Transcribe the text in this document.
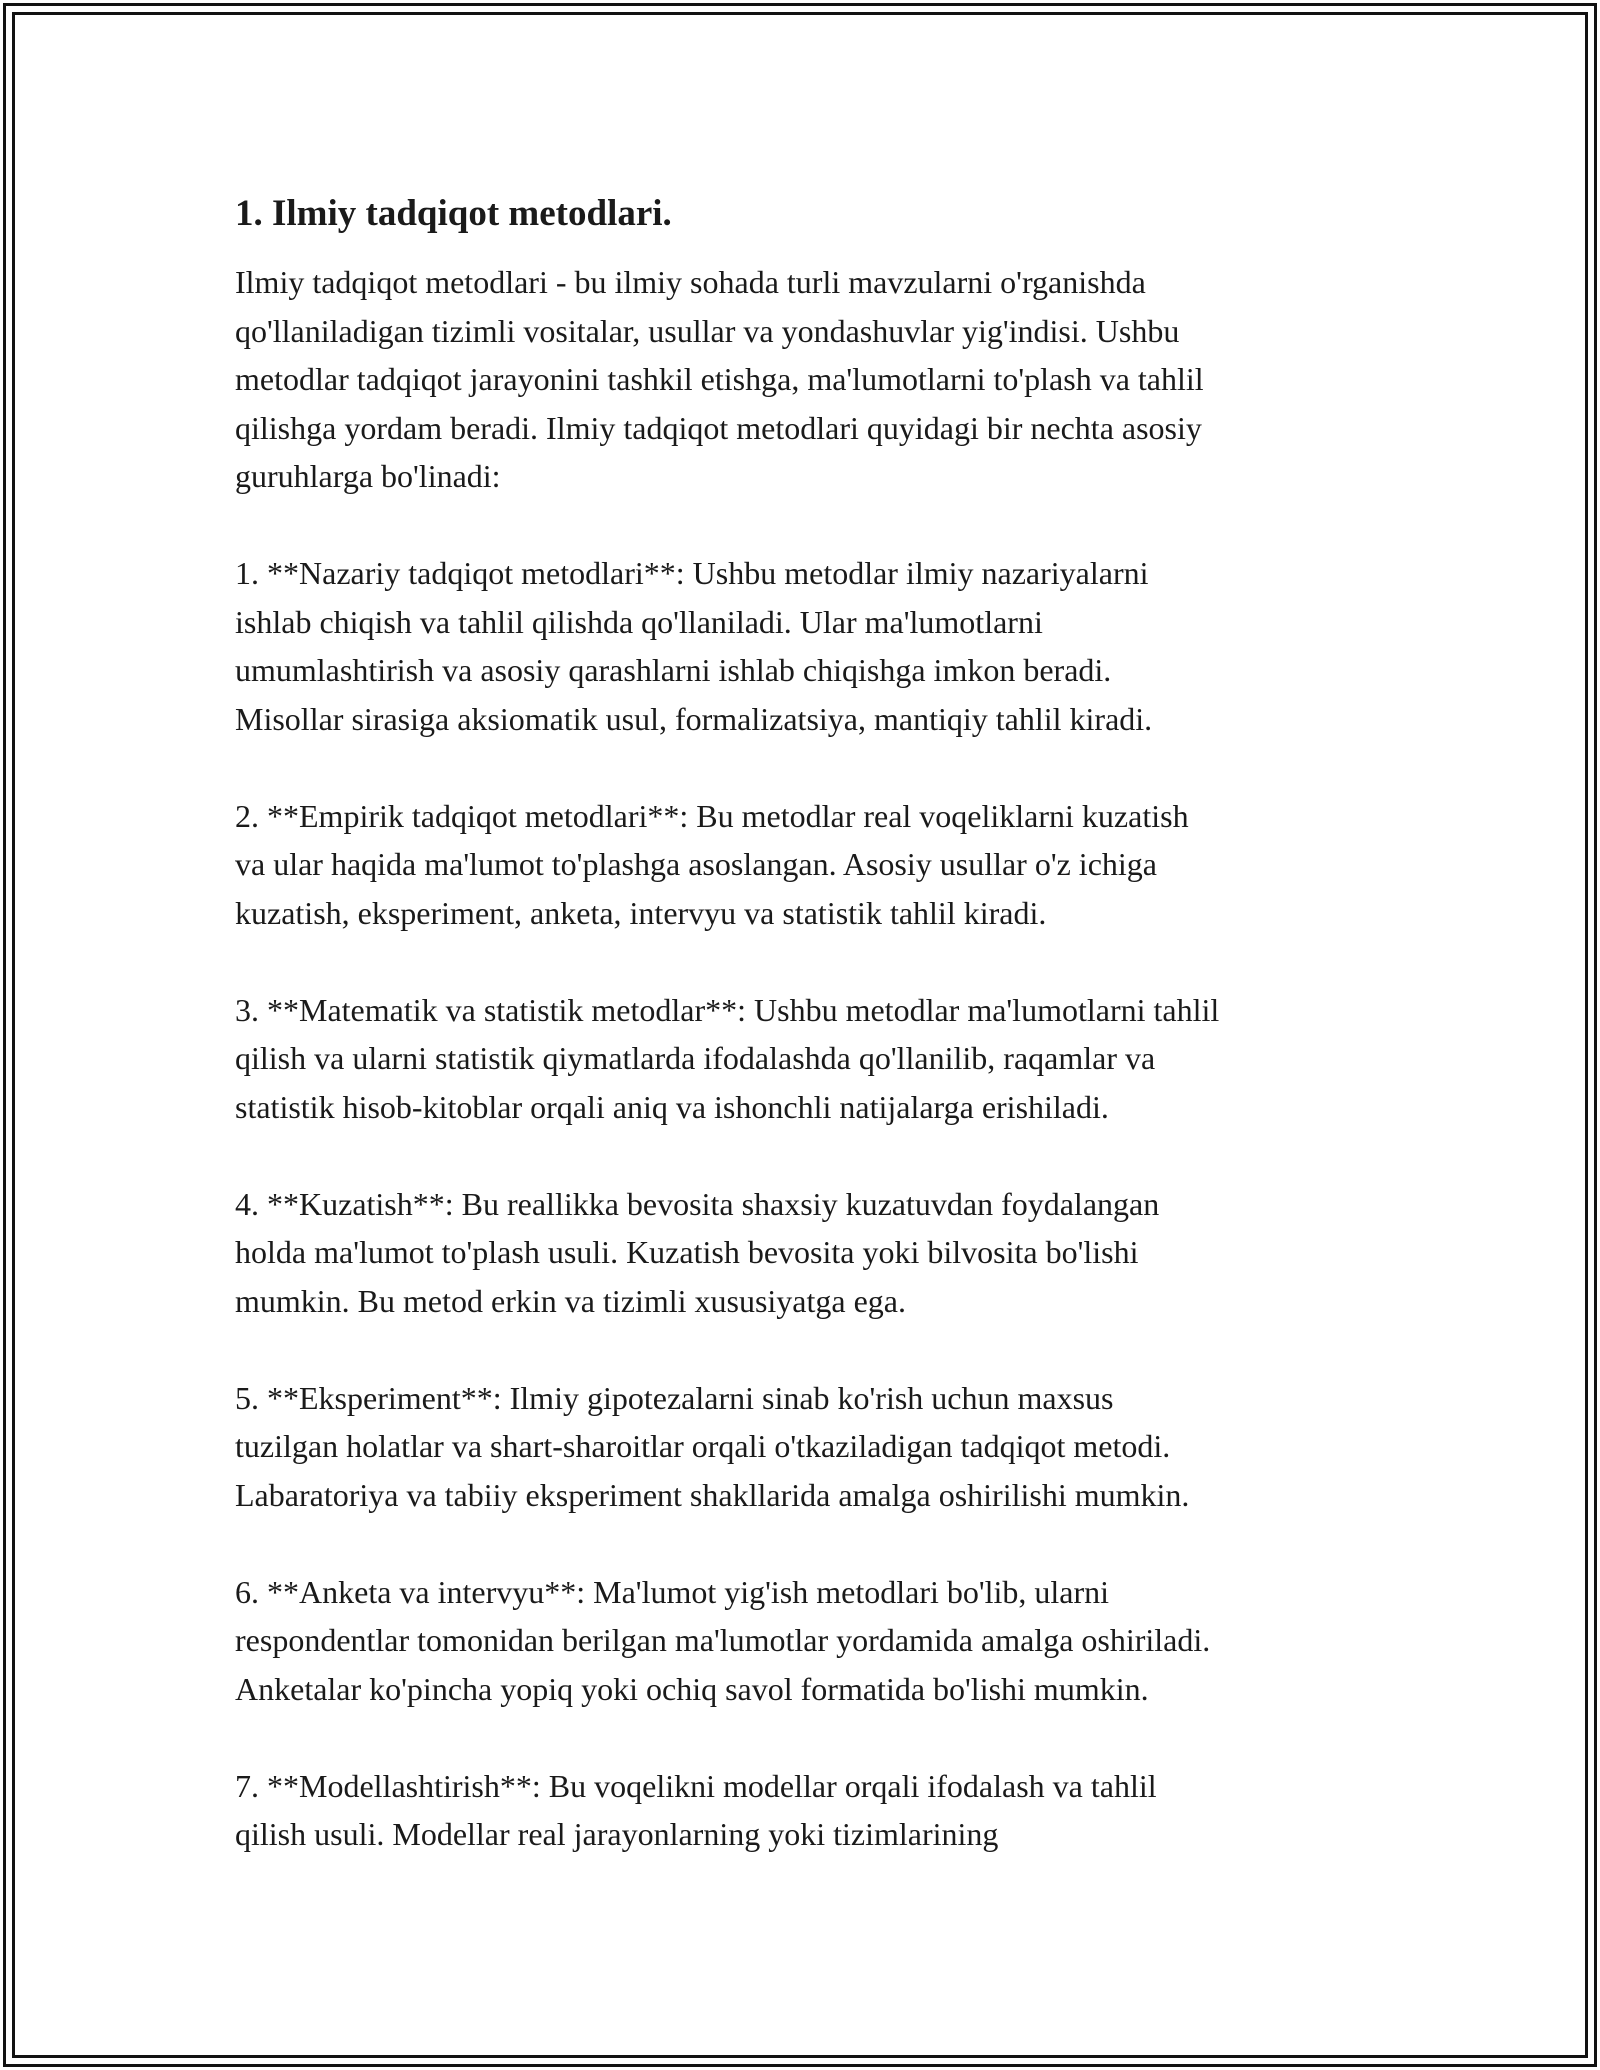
1. Ilmiy tadqiqot metodlari.
Ilmiy tadqiqot metodlari - bu ilmiy sohada turli mavzularni o'rganishda
qo'llaniladigan tizimli vositalar, usullar va yondashuvlar yig'indisi. Ushbu
metodlar tadqiqot jarayonini tashkil etishga, ma'lumotlarni to'plash va tahlil
qilishga yordam beradi. Ilmiy tadqiqot metodlari quyidagi bir nechta asosiy
guruhlarga bo'linadi:
1. **Nazariy tadqiqot metodlari**: Ushbu metodlar ilmiy nazariyalarni
ishlab chiqish va tahlil qilishda qo'llaniladi. Ular ma'lumotlarni
umumlashtirish va asosiy qarashlarni ishlab chiqishga imkon beradi.
Misollar sirasiga aksiomatik usul, formalizatsiya, mantiqiy tahlil kiradi.
2. **Empirik tadqiqot metodlari**: Bu metodlar real voqeliklarni kuzatish
va ular haqida ma'lumot to'plashga asoslangan. Asosiy usullar o'z ichiga
kuzatish, eksperiment, anketa, intervyu va statistik tahlil kiradi.
3. **Matematik va statistik metodlar**: Ushbu metodlar ma'lumotlarni tahlil
qilish va ularni statistik qiymatlarda ifodalashda qo'llanilib, raqamlar va
statistik hisob-kitoblar orqali aniq va ishonchli natijalarga erishiladi.
4. **Kuzatish**: Bu reallikka bevosita shaxsiy kuzatuvdan foydalangan
holda ma'lumot to'plash usuli. Kuzatish bevosita yoki bilvosita bo'lishi
mumkin. Bu metod erkin va tizimli xususiyatga ega.
5. **Eksperiment**: Ilmiy gipotezalarni sinab ko'rish uchun maxsus
tuzilgan holatlar va shart-sharoitlar orqali o'tkaziladigan tadqiqot metodi.
Labaratoriya va tabiiy eksperiment shakllarida amalga oshirilishi mumkin.
6. **Anketa va intervyu**: Ma'lumot yig'ish metodlari bo'lib, ularni
respondentlar tomonidan berilgan ma'lumotlar yordamida amalga oshiriladi.
Anketalar ko'pincha yopiq yoki ochiq savol formatida bo'lishi mumkin.
7. **Modellashtirish**: Bu voqelikni modellar orqali ifodalash va tahlil
qilish usuli. Modellar real jarayonlarning yoki tizimlarining
